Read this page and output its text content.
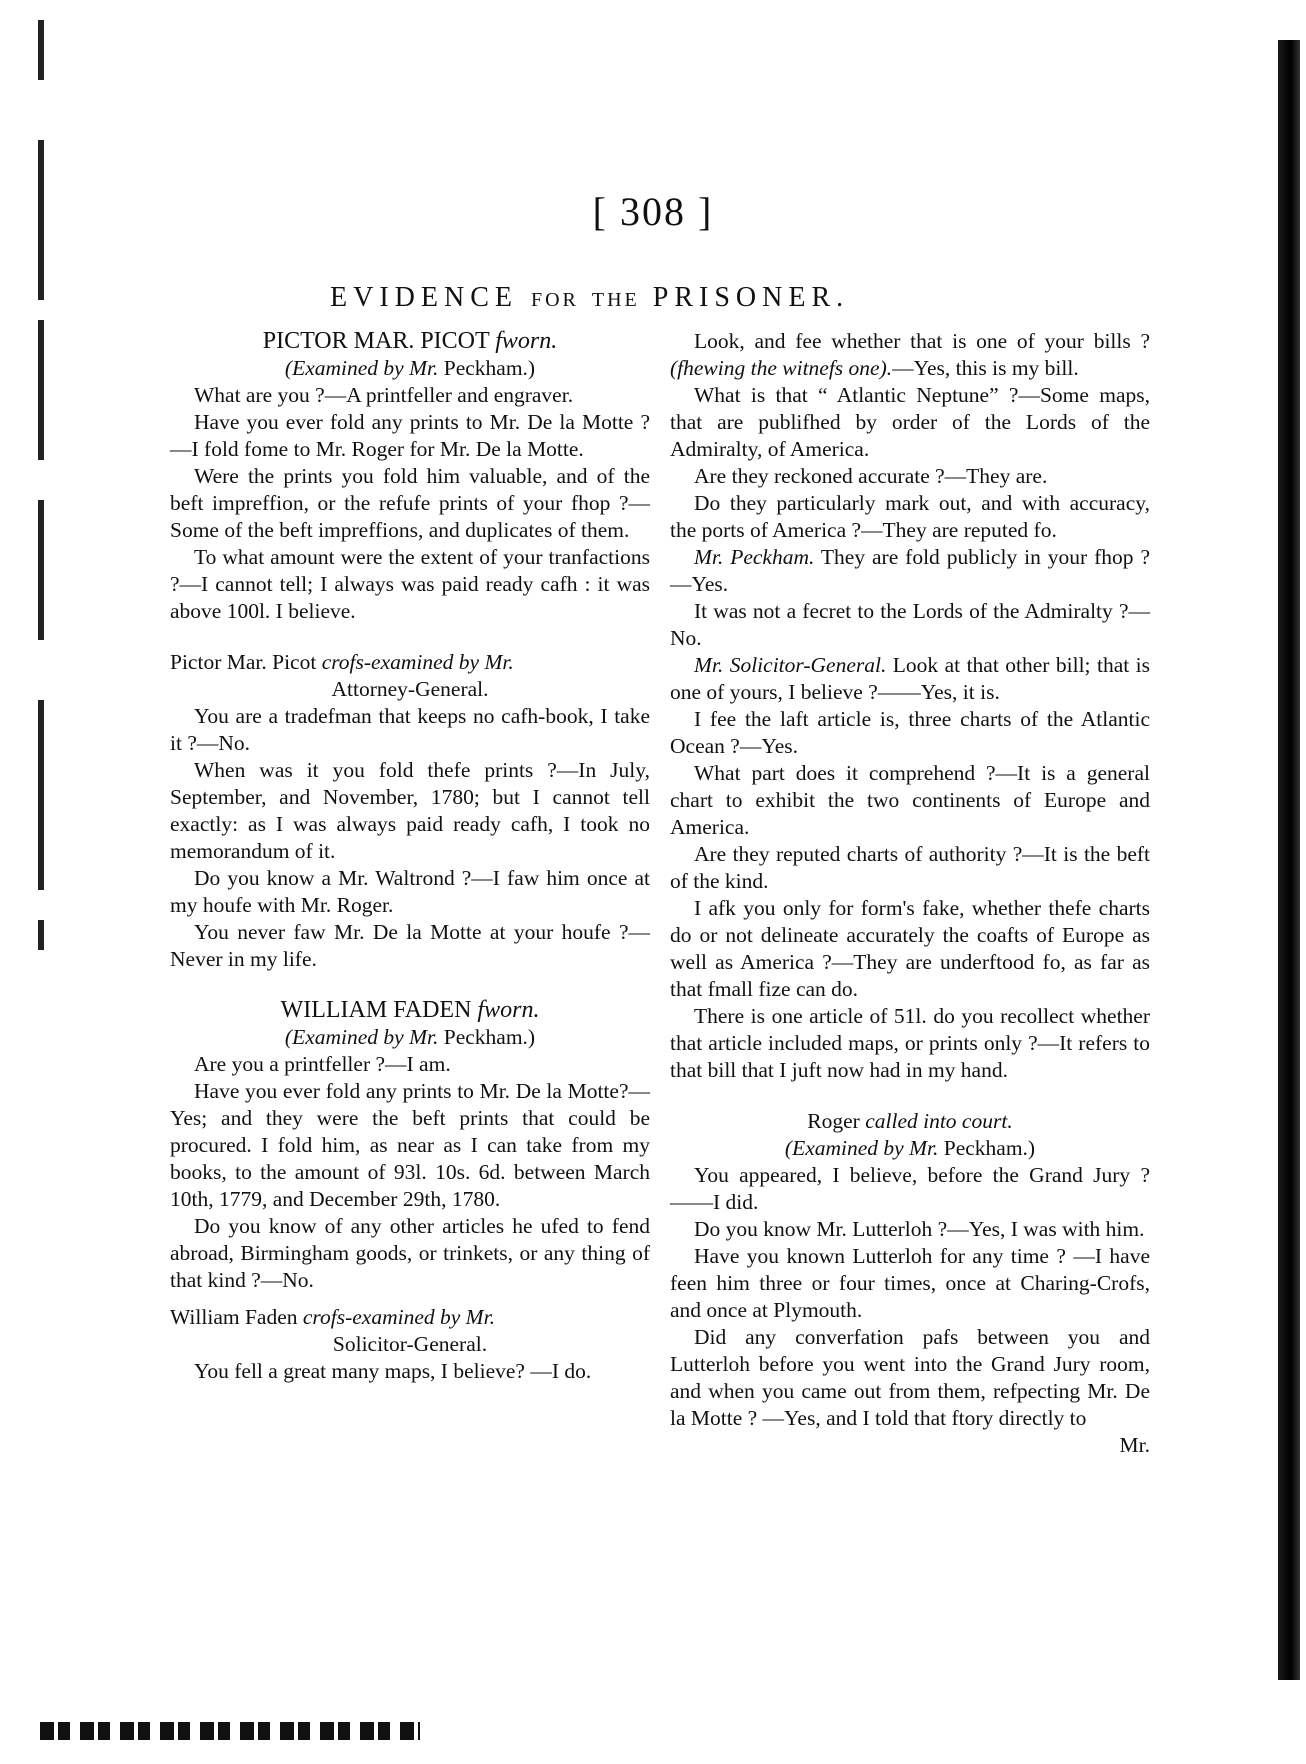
[ 308 ]
EVIDENCE FOR THE PRISONER.

PICTOR MAR. PICOT fworn.

(Examined by Mr. Peckham.)

What are you ?—A printfeller and engraver.

Have you ever fold any prints to Mr. De la Motte ?—I fold fome to Mr. Roger for Mr. De la Motte.

Were the prints you fold him valuable, and of the beft impreffion, or the refufe prints of your fhop ?—Some of the beft impreffions, and duplicates of them.

To what amount were the extent of your tranfactions ?—I cannot tell; I always was paid ready cafh : it was above 100l. I believe.

Pictor Mar. Picot crofs-examined by Mr.

Attorney-General.

You are a tradefman that keeps no cafh-book, I take it ?—No.

When was it you fold thefe prints ?—In July, September, and November, 1780; but I cannot tell exactly: as I was always paid ready cafh, I took no memorandum of it.

Do you know a Mr. Waltrond ?—I faw him once at my houfe with Mr. Roger.

You never faw Mr. De la Motte at your houfe ?—Never in my life.

WILLIAM FADEN fworn.

(Examined by Mr. Peckham.)

Are you a printfeller ?—I am.

Have you ever fold any prints to Mr. De la Motte?—Yes; and they were the beft prints that could be procured. I fold him, as near as I can take from my books, to the amount of 93l. 10s. 6d. between March 10th, 1779, and December 29th, 1780.

Do you know of any other articles he ufed to fend abroad, Birmingham goods, or trinkets, or any thing of that kind ?—No.

William Faden crofs-examined by Mr.

Solicitor-General.

You fell a great many maps, I believe? —I do.

Look, and fee whether that is one of your bills ? (fhewing the witnefs one).—Yes, this is my bill.

What is that “ Atlantic Neptune” ?—Some maps, that are publifhed by order of the Lords of the Admiralty, of America.

Are they reckoned accurate ?—They are.

Do they particularly mark out, and with accuracy, the ports of America ?—They are reputed fo.

Mr. Peckham. They are fold publicly in your fhop ?—Yes.

It was not a fecret to the Lords of the Admiralty ?—No.

Mr. Solicitor-General. Look at that other bill; that is one of yours, I believe ?——Yes, it is.

I fee the laft article is, three charts of the Atlantic Ocean ?—Yes.

What part does it comprehend ?—It is a general chart to exhibit the two continents of Europe and America.

Are they reputed charts of authority ?—It is the beft of the kind.

I afk you only for form's fake, whether thefe charts do or not delineate accurately the coafts of Europe as well as America ?—They are underftood fo, as far as that fmall fize can do.

There is one article of 51l. do you recollect whether that article included maps, or prints only ?—It refers to that bill that I juft now had in my hand.

Roger called into court.

(Examined by Mr. Peckham.)

You appeared, I believe, before the Grand Jury ?——I did.

Do you know Mr. Lutterloh ?—Yes, I was with him.

Have you known Lutterloh for any time ? —I have feen him three or four times, once at Charing-Crofs, and once at Plymouth.

Did any converfation pafs between you and Lutterloh before you went into the Grand Jury room, and when you came out from them, refpecting Mr. De la Motte ? —Yes, and I told that ftory directly to

Mr.
